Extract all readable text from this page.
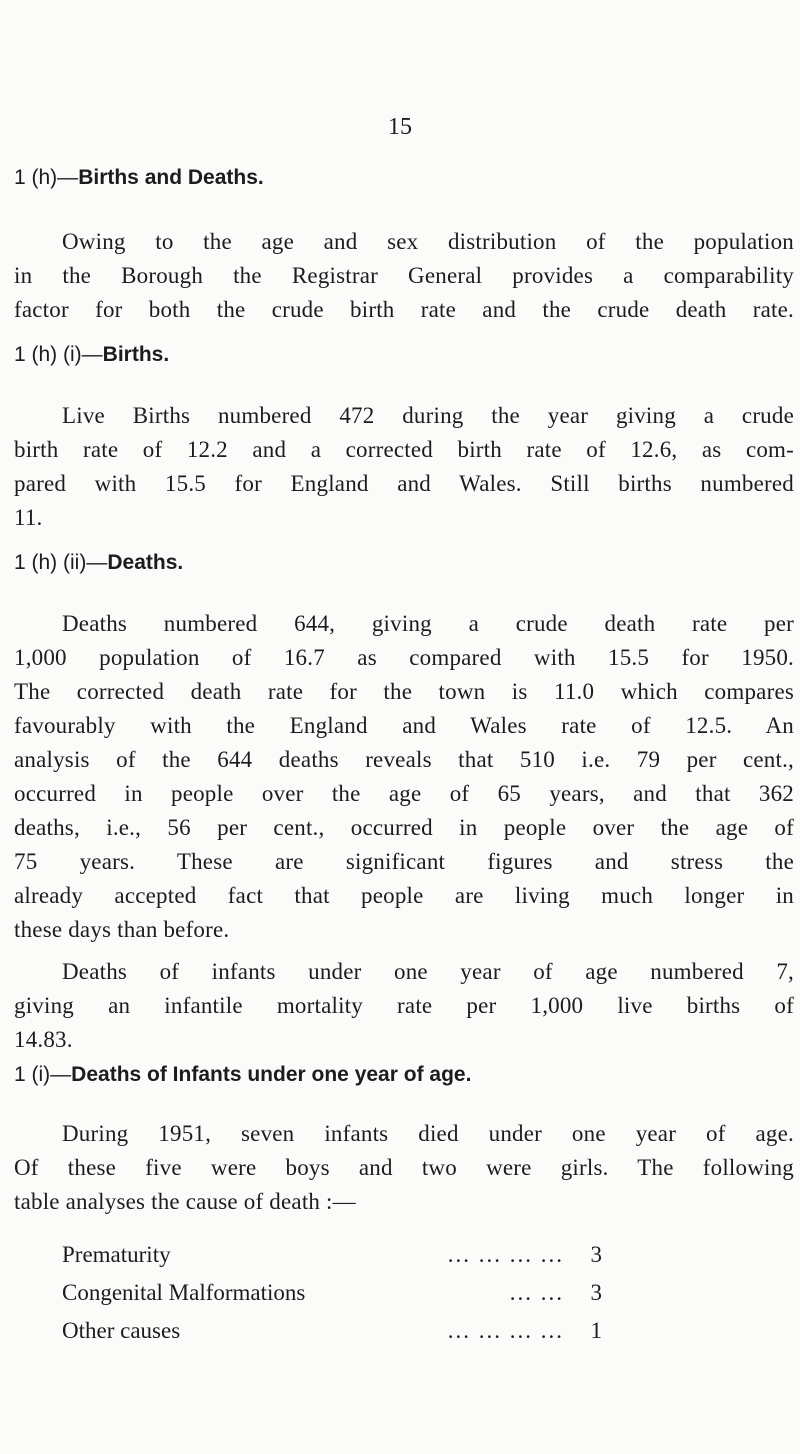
15
1 (h)—Births and Deaths.
Owing to the age and sex distribution of the population
in the Borough the Registrar General provides a comparability
factor for both the crude birth rate and the crude death rate.
1 (h) (i)—Births.
Live Births numbered 472 during the year giving a crude
birth rate of 12.2 and a corrected birth rate of 12.6, as com-
pared with 15.5 for England and Wales. Still births numbered
11.
1 (h) (ii)—Deaths.
Deaths numbered 644, giving a crude death rate per
1,000 population of 16.7 as compared with 15.5 for 1950.
The corrected death rate for the town is 11.0 which compares
favourably with the England and Wales rate of 12.5. An
analysis of the 644 deaths reveals that 510 i.e. 79 per cent.,
occurred in people over the age of 65 years, and that 362
deaths, i.e., 56 per cent., occurred in people over the age of
75 years. These are significant figures and stress the
already accepted fact that people are living much longer in
these days than before.
Deaths of infants under one year of age numbered 7,
giving an infantile mortality rate per 1,000 live births of
14.83.
1 (i)—Deaths of Infants under one year of age.
During 1951, seven infants died under one year of age.
Of these five were boys and two were girls. The following
table analyses the cause of death :—
Prematurity	... ... ... ...	3
Congenital Malformations	... ...	3
Other causes	... ... ... ...	1
